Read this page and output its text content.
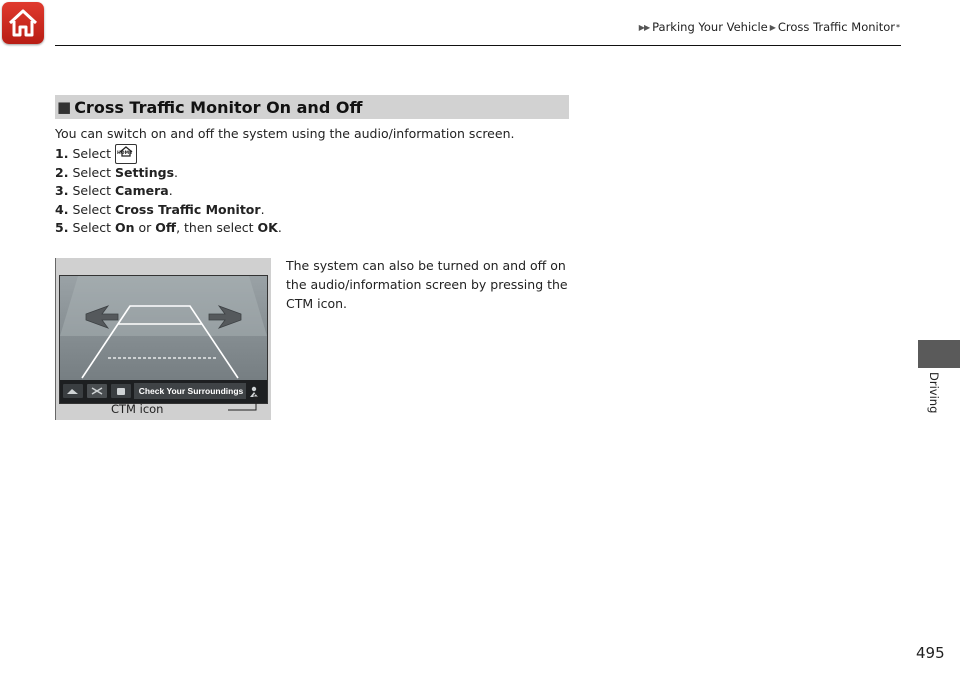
▶▶ Parking Your Vehicle ▶ Cross Traffic Monitor *
■ Cross Traffic Monitor On and Off
You can switch on and off the system using the audio/information screen.
1. Select HOME
2. Select
Settings .
3. Select
Camera .
4. Select
Cross Traffic Monitor .
5. Select
On
or
Off , then select
OK .
The system can also be turned on and off on the audio/information screen by pressing the CTM icon.
Check Your Surroundings
CTM icon	Driving
495
